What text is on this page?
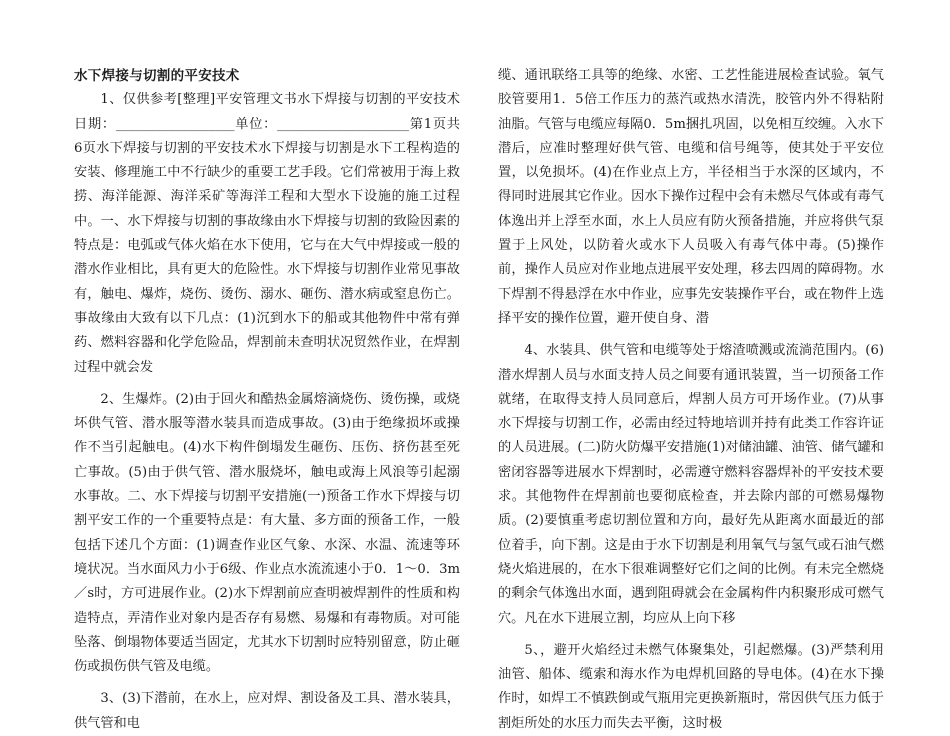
水下焊接与切割的平安技术

1、仅供参考[整理]平安管理文书水下焊接与切割的平安技术日期：__________________单位：____________________第1页共6页水下焊接与切割的平安技术水下焊接与切割是水下工程构造的安装、修理施工中不行缺少的重要工艺手段。它们常被用于海上救捞、海洋能源、海洋采矿等海洋工程和大型水下设施的施工过程中。一、水下焊接与切割的事故缘由水下焊接与切割的致险因素的特点是：电弧或气体火焰在水下使用，它与在大气中焊接或一般的潜水作业相比，具有更大的危险性。水下焊接与切割作业常见事故有，触电、爆炸，烧伤、烫伤、溺水、砸伤、潜水病或窒息伤亡。事故缘由大致有以下几点：(1)沉到水下的船或其他物件中常有弹药、燃料容器和化学危险品，焊割前未查明状况贸然作业，在焊割过程中就会发

2、生爆炸。(2)由于回火和酷热金属熔滴烧伤、烫伤操，或烧坏供气管、潜水服等潜水装具而造成事故。(3)由于绝缘损坏或操作不当引起触电。(4)水下构件倒塌发生砸伤、压伤、挤伤甚至死亡事故。(5)由于供气管、潜水服烧坏，触电或海上风浪等引起溺水事故。二、水下焊接与切割平安措施(一)预备工作水下焊接与切割平安工作的一个重要特点是：有大量、多方面的预备工作，一般包括下述几个方面：(1)调查作业区气象、水深、水温、流速等环境状况。当水面风力小于6级、作业点水流流速小于0．1～0．3m／s时，方可进展作业。(2)水下焊割前应查明被焊割件的性质和构造特点，弄清作业对象内是否存有易燃、易爆和有毒物质。对可能坠落、倒塌物体要适当固定，尤其水下切割时应特别留意，防止砸伤或损伤供气管及电缆。

3、(3)下潜前，在水上，应对焊、割设备及工具、潜水装具，供气管和电

缆、通讯联络工具等的绝缘、水密、工艺性能进展检查试验。氧气胶管要用1．5倍工作压力的蒸汽或热水清洗，胶管内外不得粘附油脂。气管与电缆应每隔0．5m捆扎巩固，以免相互绞缠。入水下潜后，应准时整理好供气管、电缆和信号绳等，使其处于平安位置，以免损坏。(4)在作业点上方，半径相当于水深的区域内，不得同时进展其它作业。因水下操作过程中会有未燃尽气体或有毒气体逸出并上浮至水面，水上人员应有防火预备措施，并应将供气泵置于上风处，以防着火或水下人员吸入有毒气体中毒。(5)操作前，操作人员应对作业地点进展平安处理，移去四周的障碍物。水下焊割不得悬浮在水中作业，应事先安装操作平台，或在物件上选择平安的操作位置，避开使自身、潜

4、水装具、供气管和电缆等处于熔渣喷溅或流淌范围内。(6)潜水焊割人员与水面支持人员之间要有通讯装置，当一切预备工作就绪，在取得支持人员同意后，焊割人员方可开场作业。(7)从事水下焊接与切割工作，必需由经过特地培训并持有此类工作容许证的人员进展。(二)防火防爆平安措施(1)对储油罐、油管、储气罐和密闭容器等进展水下焊割时，必需遵守燃料容器焊补的平安技术要求。其他物件在焊割前也要彻底检查，并去除内部的可燃易爆物质。(2)要慎重考虑切割位置和方向，最好先从距离水面最近的部位着手，向下割。这是由于水下切割是利用氧气与氢气或石油气燃烧火焰进展的，在水下很难调整好它们之间的比例。有未完全燃烧的剩余气体逸出水面，遇到阻碍就会在金属构件内积聚形成可燃气穴。凡在水下进展立割，均应从上向下移

5、，避开火焰经过未燃气体聚集处，引起燃爆。(3)严禁利用油管、船体、缆索和海水作为电焊机回路的导电体。(4)在水下操作时，如焊工不慎跌倒或气瓶用完更换新瓶时，常因供气压力低于割炬所处的水压力而失去平衡，这时极
